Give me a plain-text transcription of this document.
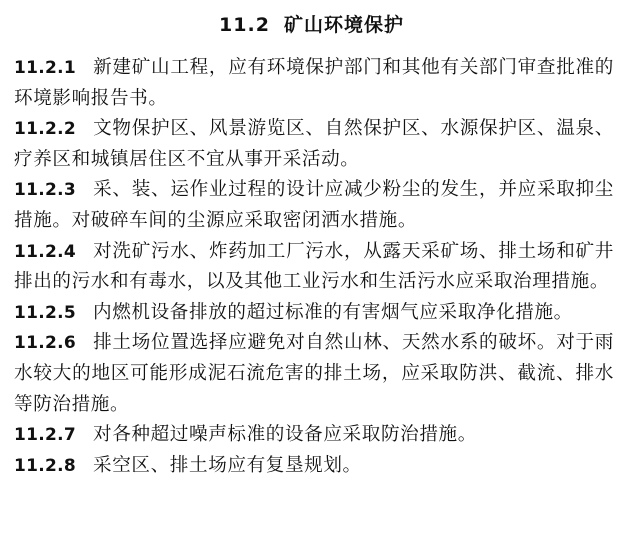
11.2 矿山环境保护
11.2.1 新建矿山工程，应有环境保护部门和其他有关部门审查批准的环境影响报告书。
11.2.2 文物保护区、风景游览区、自然保护区、水源保护区、温泉、疗养区和城镇居住区不宜从事开采活动。
11.2.3 采、装、运作业过程的设计应减少粉尘的发生，并应采取抑尘措施。对破碎车间的尘源应采取密闭洒水措施。
11.2.4 对洗矿污水、炸药加工厂污水，从露天采矿场、排土场和矿井排出的污水和有毒水，以及其他工业污水和生活污水应采取治理措施。
11.2.5 内燃机设备排放的超过标准的有害烟气应采取净化措施。
11.2.6 排土场位置选择应避免对自然山林、天然水系的破坏。对于雨水较大的地区可能形成泥石流危害的排土场，应采取防洪、截流、排水等防治措施。
11.2.7 对各种超过噪声标准的设备应采取防治措施。
11.2.8 采空区、排土场应有复垦规划。
